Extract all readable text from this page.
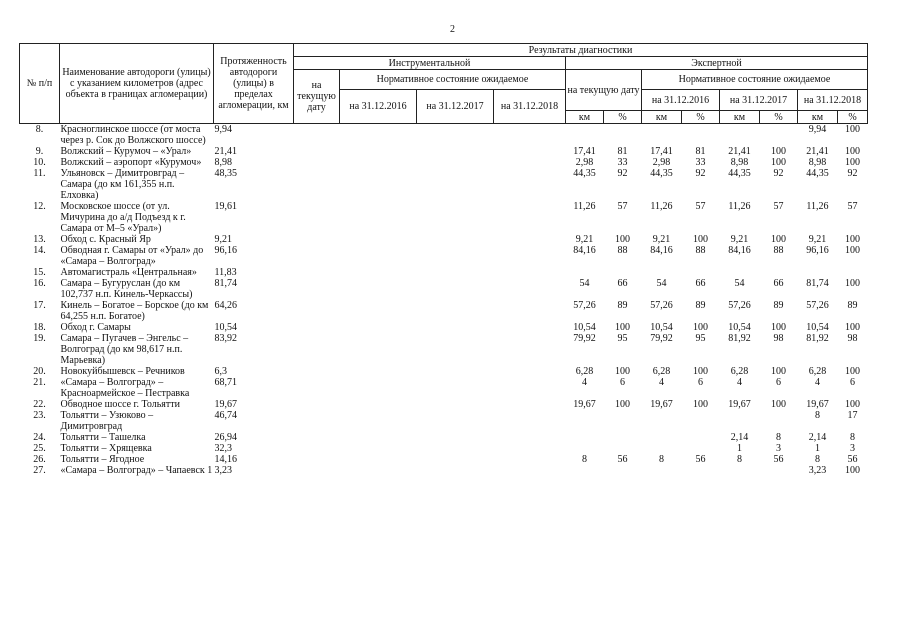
2
№ п/п	Наименование автодороги (улицы) с указанием километров (адрес объекта в границах агломерации)	Протяженность автодороги (улицы) в пределах агломерации, км	Результаты диагностики											
			Инструментальной				Экспертной							
			на текущую дату	Нормативное состояние ожидаемое			на текущую дату		Нормативное состояние ожидаемое					
				на 31.12.2016	на 31.12.2017	на 31.12.2018			на 31.12.2016		на 31.12.2017		на 31.12.2018	
							км	%	км	%	км	%	км	%
8.	Красноглинское шоссе (от моста через р. Сок до Волжского шоссе)	9,94											9,94	100
9.	Волжский – Курумоч – «Урал»	21,41					17,41	81	17,41	81	21,41	100	21,41	100
10.	Волжский – аэропорт «Курумоч»	8,98					2,98	33	2,98	33	8,98	100	8,98	100
11.	Ульяновск – Димитровград – Самара (до км 161,355 н.п. Елховка)	48,35					44,35	92	44,35	92	44,35	92	44,35	92
12.	Московское шоссе (от ул. Мичурина до а/д Подъезд к г. Самара от М–5 «Урал»)	19,61					11,26	57	11,26	57	11,26	57	11,26	57
13.	Обход с. Красный Яр	9,21					9,21	100	9,21	100	9,21	100	9,21	100
14.	Обводная г. Самары от «Урал» до «Самара – Волгоград»	96,16					84,16	88	84,16	88	84,16	88	96,16	100
15.	Автомагистраль «Центральная»	11,83												
16.	Самара – Бугуруслан (до км 102,737 н.п. Кинель-Черкассы)	81,74					54	66	54	66	54	66	81,74	100
17.	Кинель – Богатое – Борское (до км 64,255 н.п. Богатое)	64,26					57,26	89	57,26	89	57,26	89	57,26	89
18.	Обход г. Самары	10,54					10,54	100	10,54	100	10,54	100	10,54	100
19.	Самара – Пугачев – Энгельс – Волгоград (до км 98,617 н.п. Марьевка)	83,92					79,92	95	79,92	95	81,92	98	81,92	98
20.	Новокуйбышевск – Речников	6,3					6,28	100	6,28	100	6,28	100	6,28	100
21.	«Самара – Волгоград» – Красноармейское – Пестравка	68,71					4	6	4	6	4	6	4	6
22.	Обводное шоссе г. Тольятти	19,67					19,67	100	19,67	100	19,67	100	19,67	100
23.	Тольятти – Узюково – Димитровград	46,74											8	17
24.	Тольятти – Ташелка	26,94									2,14	8	2,14	8
25.	Тольятти – Хрящевка	32,3									1	3	1	3
26.	Тольятти – Ягодное	14,16					8	56	8	56	8	56	8	56
27.	«Самара – Волгоград» – Чапаевск 1	3,23											3,23	100
